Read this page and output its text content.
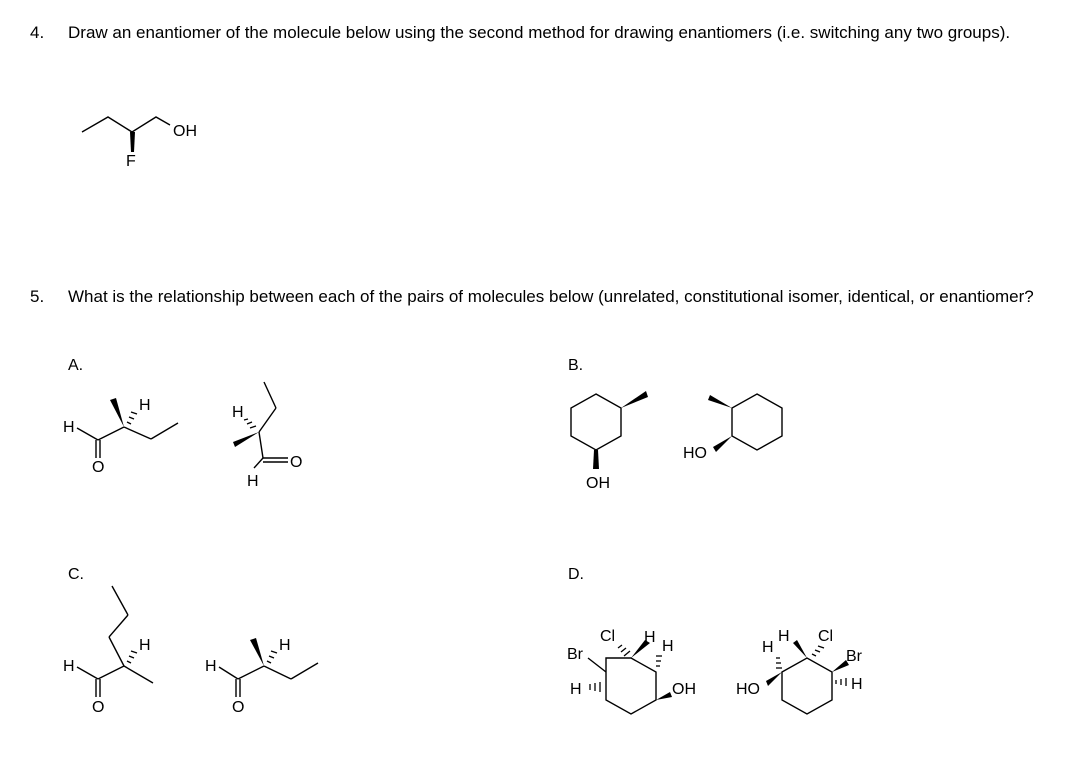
4. Draw an enantiomer of the molecule below using the second method for drawing enantiomers (i.e. switching any two groups).
5. What is the relationship between each of the pairs of molecules below (unrelated, constitutional isomer, identical, or enantiomer?
A.	B.
C.	D.
OH
F
H
O
H	H
O
H	OH
HO
H
O
H
H
O
H
Cl
Br
H
H
H
OH
H
H Cl
Br
H
HO
